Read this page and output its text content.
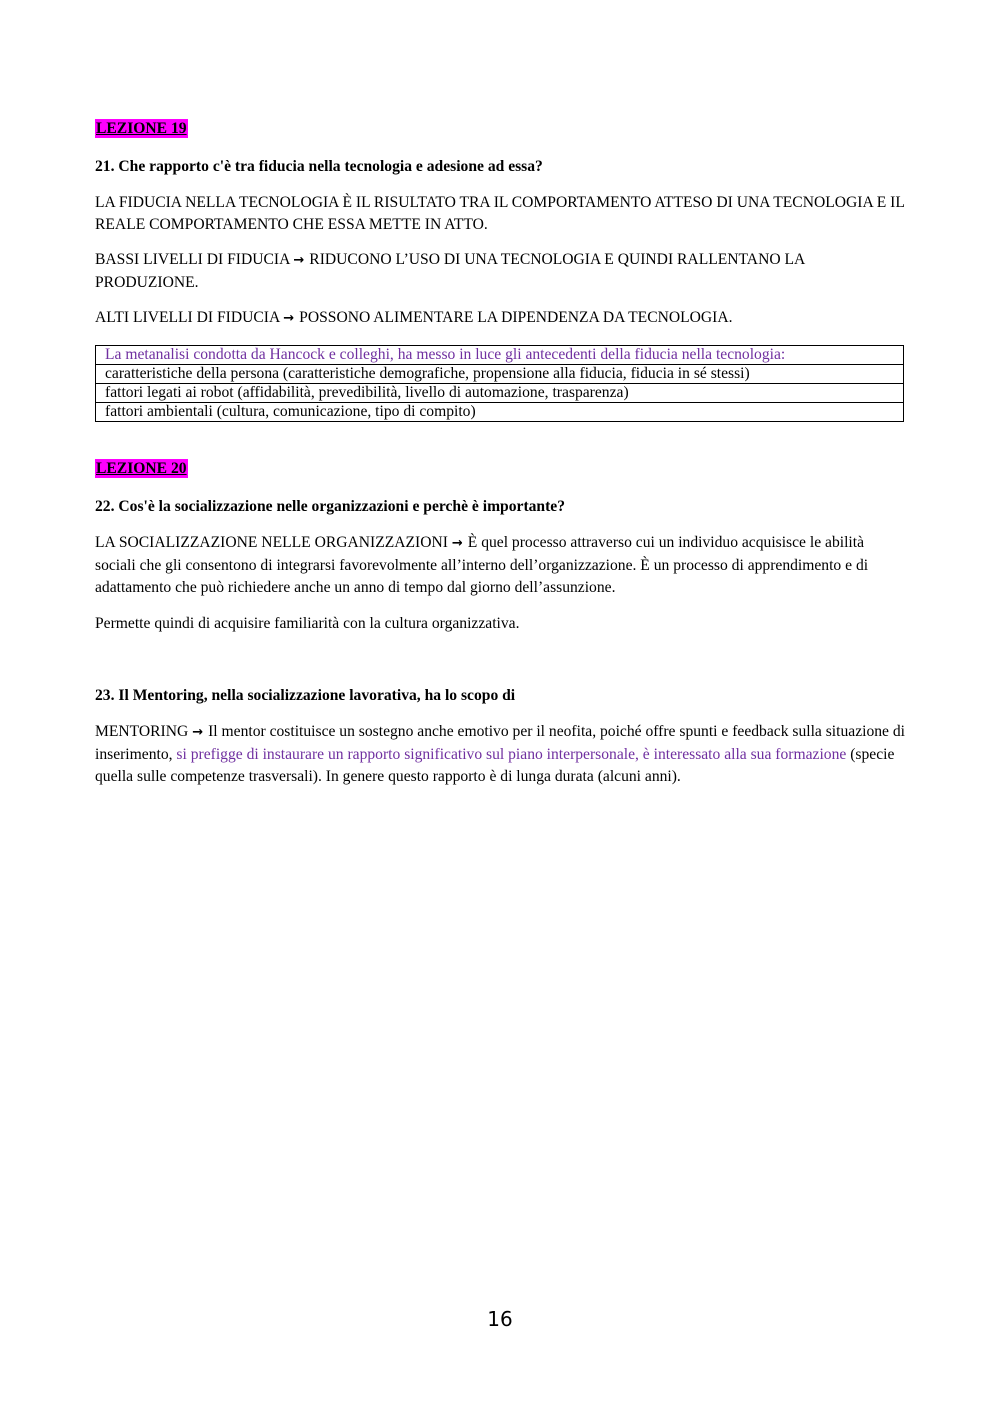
LEZIONE 19

21. Che rapporto c'è tra fiducia nella tecnologia e adesione ad essa?

LA FIDUCIA NELLA TECNOLOGIA È IL RISULTATO TRA IL COMPORTAMENTO ATTESO DI UNA TECNOLOGIA E IL REALE COMPORTAMENTO CHE ESSA METTE IN ATTO.

BASSI LIVELLI DI FIDUCIA → RIDUCONO L’USO DI UNA TECNOLOGIA E QUINDI RALLENTANO LA PRODUZIONE.

ALTI LIVELLI DI FIDUCIA → POSSONO ALIMENTARE LA DIPENDENZA DA TECNOLOGIA.

La metanalisi condotta da Hancock e colleghi, ha messo in luce gli antecedenti della fiducia nella tecnologia:
caratteristiche della persona (caratteristiche demografiche, propensione alla fiducia, fiducia in sé stessi)
fattori legati ai robot (affidabilità, prevedibilità, livello di automazione, trasparenza)
fattori ambientali (cultura, comunicazione, tipo di compito)
LEZIONE 20

22. Cos'è la socializzazione nelle organizzazioni e perchè è importante?

LA SOCIALIZZAZIONE NELLE ORGANIZZAZIONI → È quel processo attraverso cui un individuo acquisisce le abilità sociali che gli consentono di integrarsi favorevolmente all’interno dell’organizzazione. È un processo di apprendimento e di adattamento che può richiedere anche un anno di tempo dal giorno dell’assunzione.

Permette quindi di acquisire familiarità con la cultura organizzativa.

23. Il Mentoring, nella socializzazione lavorativa, ha lo scopo di

MENTORING → Il mentor costituisce un sostegno anche emotivo per il neofita, poiché offre spunti e feedback sulla situazione di inserimento, si prefigge di instaurare un rapporto significativo sul piano interpersonale, è interessato alla sua formazione (specie quella sulle competenze trasversali). In genere questo rapporto è di lunga durata (alcuni anni).

16
